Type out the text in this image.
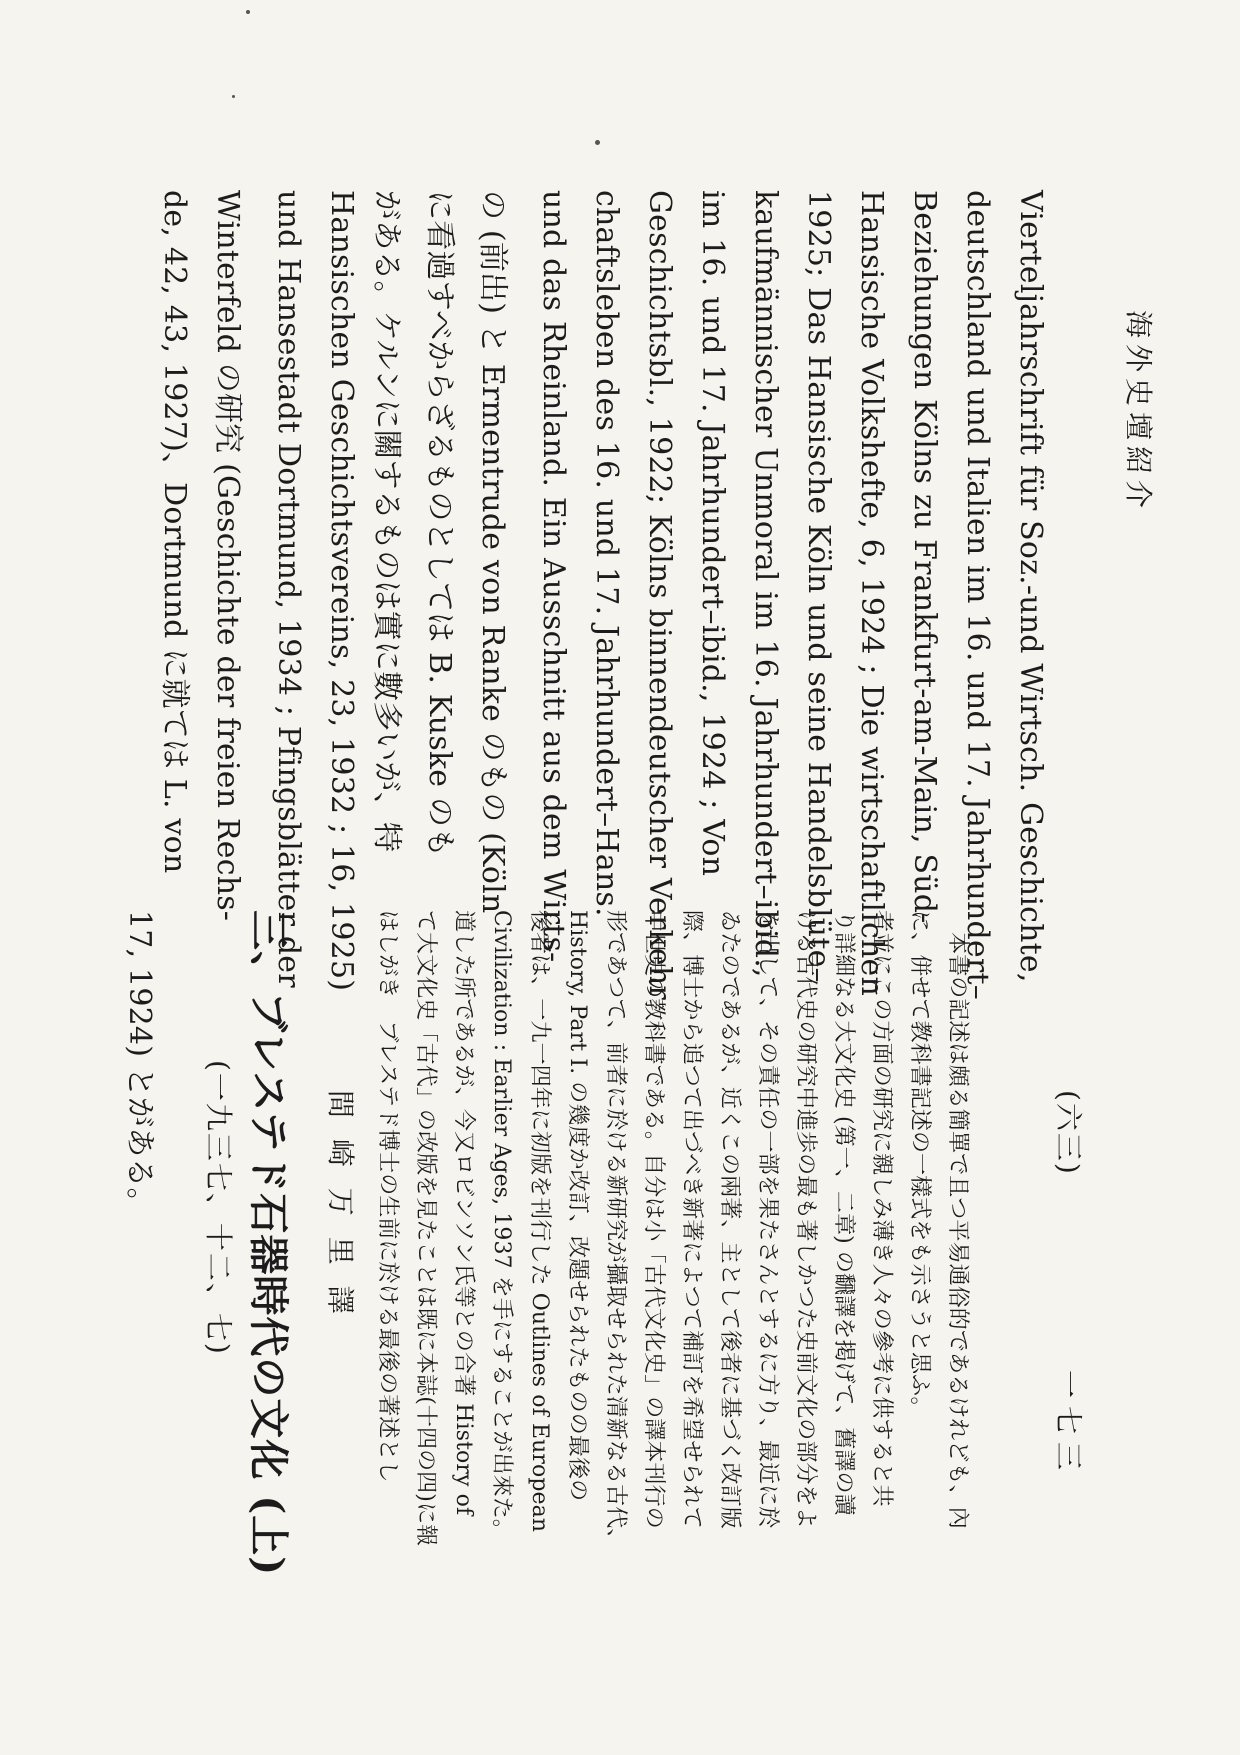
de, 42, 43, 1927)、Dortmund に就ては L. von Winterfeld の研究 (Geschichte der freien Rechs- und Hansestadt Dortmund, 1934 ; Pfingsblätter der Hansischen Geschichtsvereins, 23, 1932 ; 16, 1925) がある。ケルンに關するものは實に數多いが、特 に看過すべからざるものとしては B. Kuske のも の (前出) と Ermentrude von Ranke のもの (Köln und das Rheinland. Ein Ausschnitt aus dem Wirts- chaftsleben des 16. und 17. Jahrhundert–Hans. Geschichtsbl., 1922; Kölns binnendeutscher Verkehr im 16. und 17. Jahrhundert–ibid., 1924 ; Von kaufmännischer Unmoral im 16. Jahrhundert–ibid., 1925; Das Hansische Köln und seine Handelsblüte– Hansische Volkshefte, 6, 1924 ; Die wirtschaftlichen Beziehungen Kölns zu Frankfurt-am-Main, Süd- deutschland und Italien im 16. und 17. Jahrhundert– Vierteljahrschrift für Soz.-und Wirtsch. Geschichte,	海外史壇紹介
17, 1924) とがある。 (一九三七、十二、七) 三、ブレステド石器時代の文化 (上) 間 崎 万 里 譯 はしがき　ブレステド博士の生前に於ける最後の著述とし て大文化史「古代」の改版を見たことは既に本誌(十四の四)に報 道した所であるが、今又ロビンソン氏等との合著 History of Civilization : Earlier Ages, 1937 を手にすることが出來た。 後者は、一九一四年に初版を刊行した Outlines of European History, Part I. の幾度か改訂、改題せられたものの最後の 形であつて、前者に於ける新研究が攝取せられた清新なる古代、 中世史の教科書である。自分は小「古代文化史」の譯本刊行の 際、博士から追つて出づべき新著によつて補訂を希望せられて ゐたのであるが、近くこの兩著、主として後者に基づく改訂版 を出して、その責任の一部を果たさんとするに方り、最近に於 ける古代史の研究中進歩の最も著しかつた史前文化の部分をよ り詳細なる大文化史 (第一、二章) の飜譯を掲げて、舊譯の讀 者並にこの方面の研究に親しみ薄き人々の參考に供すると共 に、併せて教科書記述の一樣式をも示さうと思ふ。 　本書の記述は頗る簡單で且つ平易通俗的であるけれども、內	(六三)
一七三
